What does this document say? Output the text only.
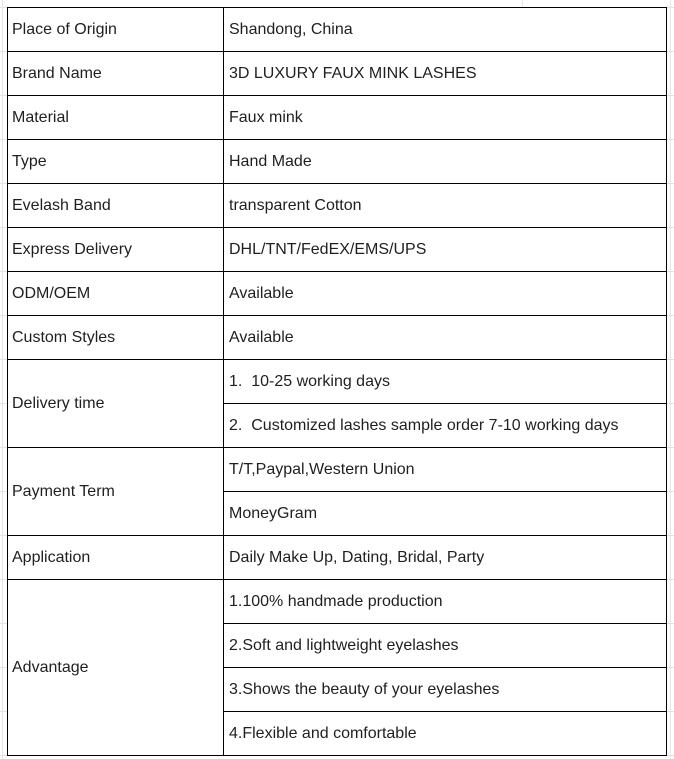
Place of Origin	Shandong, China
Brand Name	3D LUXURY FAUX MINK LASHES
Material	Faux mink
Type	Hand Made
Evelash Band	transparent Cotton
Express Delivery	DHL/TNT/FedEX/EMS/UPS
ODM/OEM	Available
Custom Styles	Available
Delivery time	1.  10-25 working days
	2.  Customized lashes sample order 7-10 working days
Payment Term	T/T,Paypal,Western Union
	MoneyGram
Application	Daily Make Up, Dating, Bridal, Party
Advantage	1.100% handmade production
	2.Soft and lightweight eyelashes
	3.Shows the beauty of your eyelashes
	4.Flexible and comfortable
